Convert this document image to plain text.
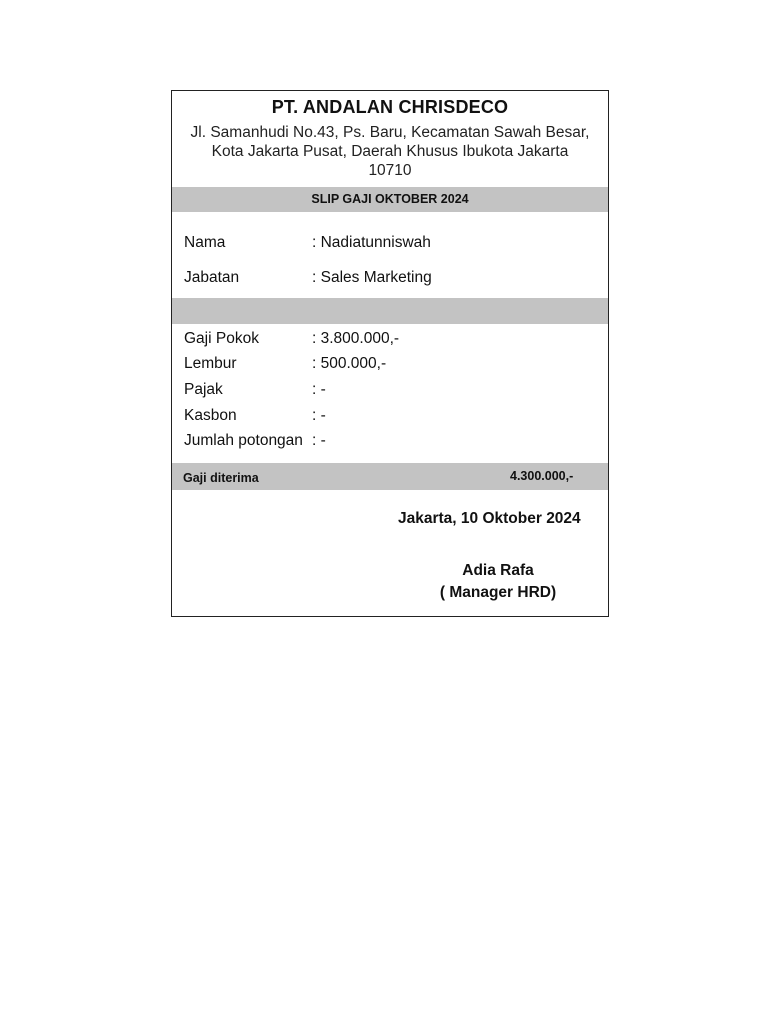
PT. ANDALAN CHRISDECO
Jl. Samanhudi No.43, Ps. Baru, Kecamatan Sawah Besar,
Kota Jakarta Pusat, Daerah Khusus Ibukota Jakarta
10710
SLIP GAJI OKTOBER 2024
Nama	: Nadiatunniswah
Jabatan	: Sales Marketing
Gaji Pokok	: 3.800.000,-
Lembur	: 500.000,-
Pajak	: -
Kasbon	: -
Jumlah potongan : -
Gaji diterima	4.300.000,-
Jakarta, 10 Oktober 2024
Adia Rafa
( Manager HRD)
